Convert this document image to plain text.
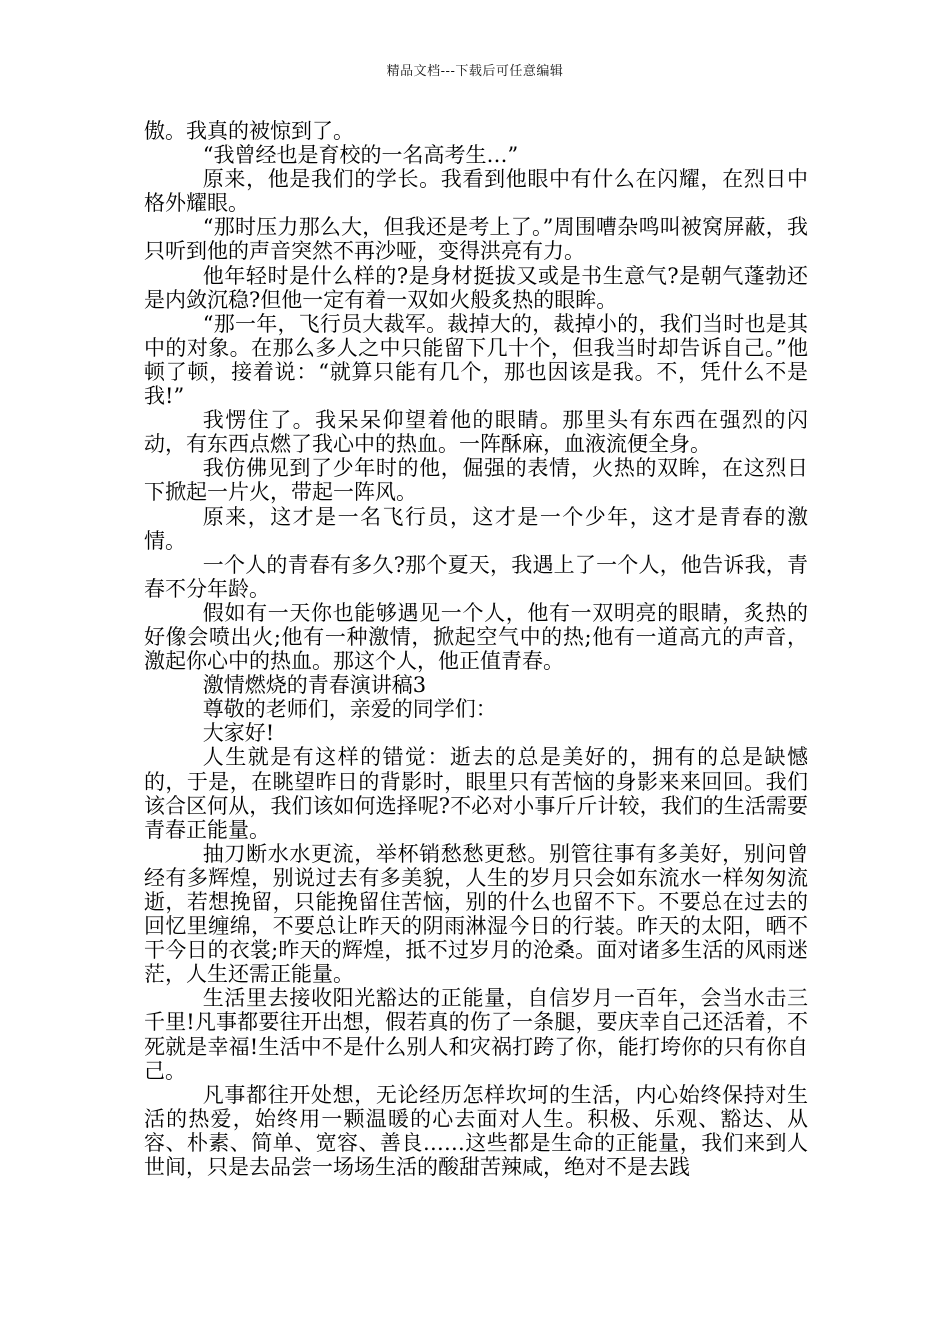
精品文档---下载后可任意编辑

傲。我真的被惊到了。

“我曾经也是育校的一名高考生…”

原来，他是我们的学长。我看到他眼中有什么在闪耀，在烈日中格外耀眼。

“那时压力那么大，但我还是考上了。”周围嘈杂鸣叫被窝屏蔽，我只听到他的声音突然不再沙哑，变得洪亮有力。

他年轻时是什么样的?是身材挺拔又或是书生意气?是朝气蓬勃还是内敛沉稳?但他一定有着一双如火般炙热的眼眸。

“那一年，飞行员大裁军。裁掉大的，裁掉小的，我们当时也是其中的对象。在那么多人之中只能留下几十个，但我当时却告诉自己。”他顿了顿，接着说：“就算只能有几个，那也因该是我。不，凭什么不是我!”

我愣住了。我呆呆仰望着他的眼睛。那里头有东西在强烈的闪动，有东西点燃了我心中的热血。一阵酥麻，血液流便全身。

我仿佛见到了少年时的他，倔强的表情，火热的双眸，在这烈日下掀起一片火，带起一阵风。

原来，这才是一名飞行员，这才是一个少年，这才是青春的激情。

一个人的青春有多久?那个夏天，我遇上了一个人，他告诉我，青春不分年龄。

假如有一天你也能够遇见一个人，他有一双明亮的眼睛，炙热的好像会喷出火;他有一种激情，掀起空气中的热;他有一道高亢的声音，激起你心中的热血。那这个人，他正值青春。

激情燃烧的青春演讲稿3

尊敬的老师们，亲爱的同学们：

大家好!

人生就是有这样的错觉：逝去的总是美好的，拥有的总是缺憾的，于是，在眺望昨日的背影时，眼里只有苦恼的身影来来回回。我们该合区何从，我们该如何选择呢?不必对小事斤斤计较，我们的生活需要青春正能量。

抽刀断水水更流，举杯销愁愁更愁。别管往事有多美好，别问曾经有多辉煌，别说过去有多美貌，人生的岁月只会如东流水一样匆匆流逝，若想挽留，只能挽留住苦恼，别的什么也留不下。不要总在过去的回忆里缠绵，不要总让昨天的阴雨淋湿今日的行装。昨天的太阳，晒不干今日的衣裳;昨天的辉煌，抵不过岁月的沧桑。面对诸多生活的风雨迷茫，人生还需正能量。

生活里去接收阳光豁达的正能量，自信岁月一百年，会当水击三千里!凡事都要往开出想，假若真的伤了一条腿，要庆幸自己还活着，不死就是幸福!生活中不是什么别人和灾祸打跨了你，能打垮你的只有你自己。

凡事都往开处想，无论经历怎样坎坷的生活，内心始终保持对生活的热爱，始终用一颗温暖的心去面对人生。积极、乐观、豁达、从容、朴素、简单、宽容、善良……这些都是生命的正能量，我们来到人世间，只是去品尝一场场生活的酸甜苦辣咸，绝对不是去践
